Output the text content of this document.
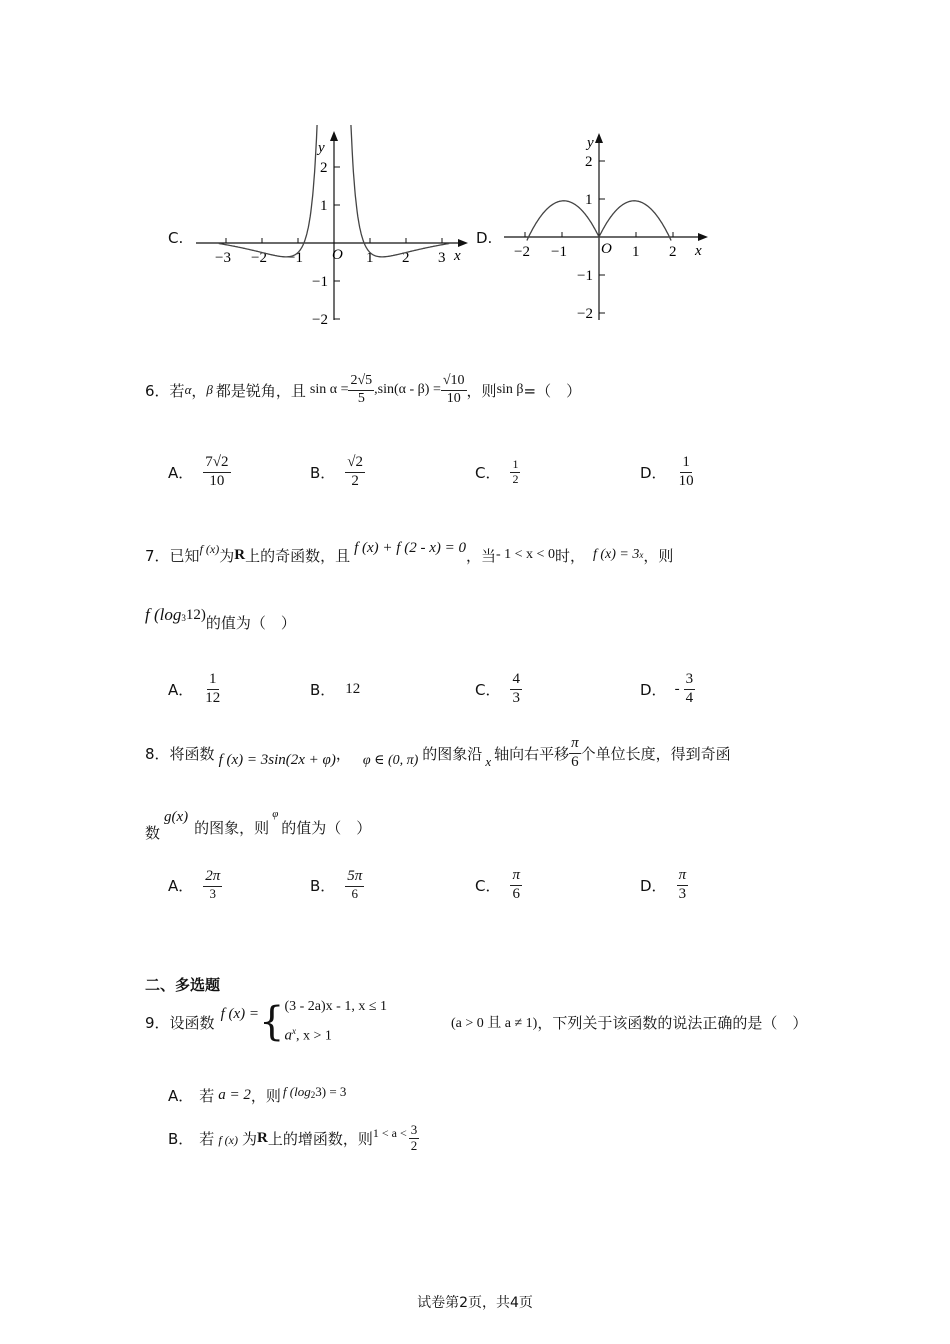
C.
−3 −2 −1	1 2 3
2
1
−1
−2
O	x
y
D.
−2 −1	1 2
2
1
−1
−2
O	x
y
6． 若 α ， β 都是锐角，且 $\sin \alpha = \frac{2√5}{5} ,\sin(\alpha - \beta) = \frac{√10}{10}$ ，则 sin β =（　）
A． $\frac{7√2}{10}$	B． $\frac{√2}{2}$	C． $\frac{1}{2}$	D． $\frac{1}{10}$
7． 已知 f (x) 为 R 上的奇函数，且 f (x) + f (2 - x) = 0 ，当 - 1 < x < 0 时， f (x) = 3 x ，则
f ($\log_3$ 12) 的值为（　）
A． $\frac{1}{12}$	B． 12	C． $\frac{4}{3}$	D． - $\frac{3}{4}$
8． 将函数 f (x) = 3sin(2x + φ) ， φ ∈ (0, π) 的图象沿 x 轴向右平移 $\frac{\pi}{6}$ 个单位长度，得到奇函
数
g(x)
的图象，则
φ
的值为（　）
A． $\frac{2\pi}{3}$	B． $\frac{5\pi}{6}$	C． $\frac{\pi}{6}$	D． $\frac{\pi}{3}$
二、多选题
9． 设函数 f (x) = { (3 - 2a)x - 1, x ≤ 1
$a^x$, x > 1
(a > 0 且 a ≠ 1) ，下列关于该函数的说法正确的是（　）
A． 若 a = 2 ，则 f (log 2 3) = 3
B． 若 f (x) 为 R 上的增函数，则 $1 < a < \frac{3}{2}$
试卷第2页，共4页
